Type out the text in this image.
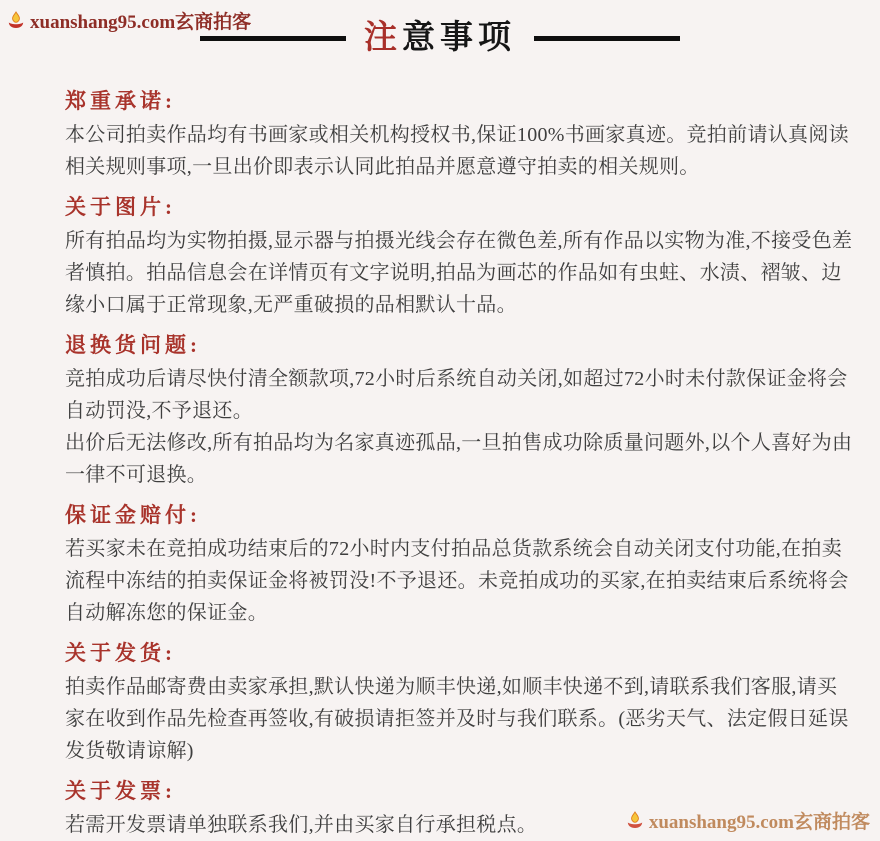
xuanshang95.com玄商拍客	注意事项
郑重承诺:

本公司拍卖作品均有书画家或相关机构授权书,保证100%书画家真迹。竞拍前请认真阅读相关规则事项,一旦出价即表示认同此拍品并愿意遵守拍卖的相关规则。

关于图片:

所有拍品均为实物拍摄,显示器与拍摄光线会存在微色差,所有作品以实物为准,不接受色差者慎拍。拍品信息会在详情页有文字说明,拍品为画芯的作品如有虫蛀、水渍、褶皱、边缘小口属于正常现象,无严重破损的品相默认十品。

退换货问题:

竞拍成功后请尽快付清全额款项,72小时后系统自动关闭,如超过72小时未付款保证金将会自动罚没,不予退还。

出价后无法修改,所有拍品均为名家真迹孤品,一旦拍售成功除质量问题外,以个人喜好为由一律不可退换。

保证金赔付:

若买家未在竞拍成功结束后的72小时内支付拍品总货款系统会自动关闭支付功能,在拍卖流程中冻结的拍卖保证金将被罚没!不予退还。未竞拍成功的买家,在拍卖结束后系统将会自动解冻您的保证金。

关于发货:

拍卖作品邮寄费由卖家承担,默认快递为顺丰快递,如顺丰快递不到,请联系我们客服,请买家在收到作品先检查再签收,有破损请拒签并及时与我们联系。(恶劣天气、法定假日延误发货敬请谅解)

关于发票:

若需开发票请单独联系我们,并由买家自行承担税点。	xuanshang95.com玄商拍客
